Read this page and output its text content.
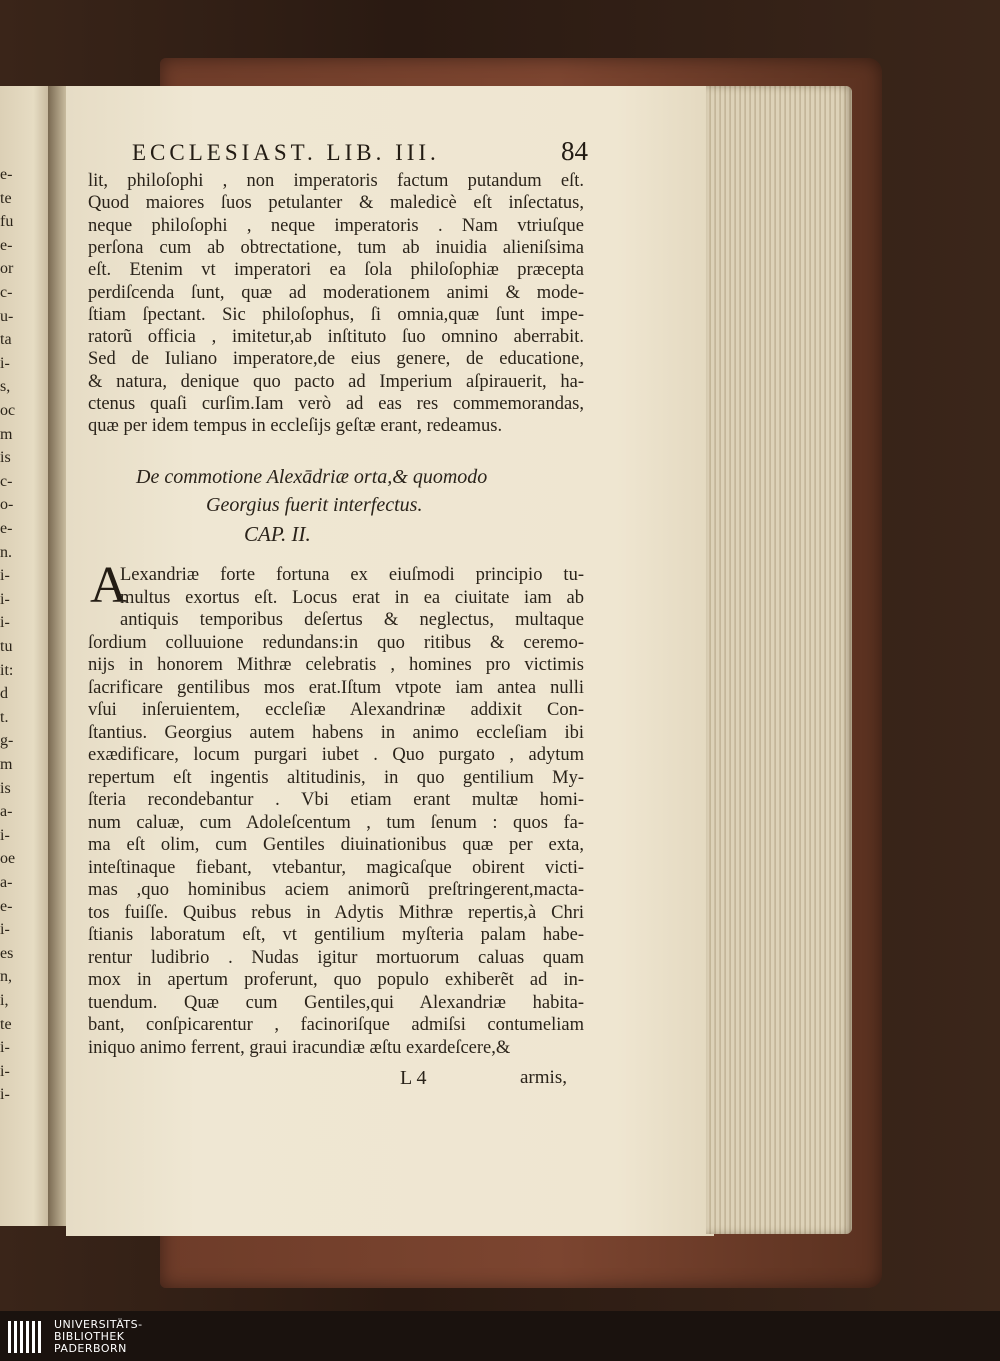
e-
te
fu
e-
or
c-
u-
ta
i-
s,
oc
m
is
c-
o-
e-
n.
i-
i-
i-
tu
it:
d
t.
g-
m
is
a-
i-
oe
a-
e-
i-
es
n,
i,
te
i-
i-
i-
ECCLESIAST. LIB. III.	84
lit, philoſophi , non imperatoris factum putandum eſt.
Quod maiores ſuos petulanter & maledicè eſt inſectatus,
neque philoſophi , neque imperatoris . Nam vtriuſque
perſona cum ab obtrectatione, tum ab inuidia alieniſsima
eſt. Etenim vt imperatori ea ſola philoſophiæ præcepta
perdiſcenda ſunt, quæ ad moderationem animi & mode-
ſtiam ſpectant. Sic philoſophus, ſi omnia,quæ ſunt impe-
ratorũ officia , imitetur,ab inſtituto ſuo omnino aberrabit.
Sed de Iuliano imperatore,de eius genere, de educatione,
& natura, denique quo pacto ad Imperium aſpirauerit, ha-
ctenus quaſi curſim.Iam verò ad eas res commemorandas,
quæ per idem tempus in eccleſijs geſtæ erant, redeamus.
De commotione Alexādriæ orta,& quomodo
Georgius fuerit interfectus.
CAP. II.
A
Lexandriæ forte fortuna ex eiuſmodi principio tu-
multus exortus eſt. Locus erat in ea ciuitate iam ab
antiquis temporibus deſertus & neglectus, multaque
ſordium colluuione redundans:in quo ritibus & ceremo-
nijs in honorem Mithræ celebratis , homines pro victimis
ſacrificare gentilibus mos erat.Iſtum vtpote iam antea nulli
vſui inſeruientem, eccleſiæ Alexandrinæ addixit Con-
ſtantius. Georgius autem habens in animo eccleſiam ibi
exædificare, locum purgari iubet . Quo purgato , adytum
repertum eſt ingentis altitudinis, in quo gentilium My-
ſteria recondebantur . Vbi etiam erant multæ homi-
num caluæ, cum Adoleſcentum , tum ſenum : quos fa-
ma eſt olim, cum Gentiles diuinationibus quæ per exta,
inteſtinaque fiebant, vtebantur, magicaſque obirent victi-
mas ,quo hominibus aciem animorũ preſtringerent,macta-
tos fuiſſe. Quibus rebus in Adytis Mithræ repertis,à Chri
ſtianis laboratum eſt, vt gentilium myſteria palam habe-
rentur ludibrio . Nudas igitur mortuorum caluas quam
mox in apertum proferunt, quo populo exhiberẽt ad in-
tuendum. Quæ cum Gentiles,qui Alexandriæ habita-
bant, conſpicarentur , facinoriſque admiſsi contumeliam
iniquo animo ferrent, graui iracundiæ æſtu exardeſcere,&
L 4	armis,
UNIVERSITÄTS-
BIBLIOTHEK
PADERBORN
